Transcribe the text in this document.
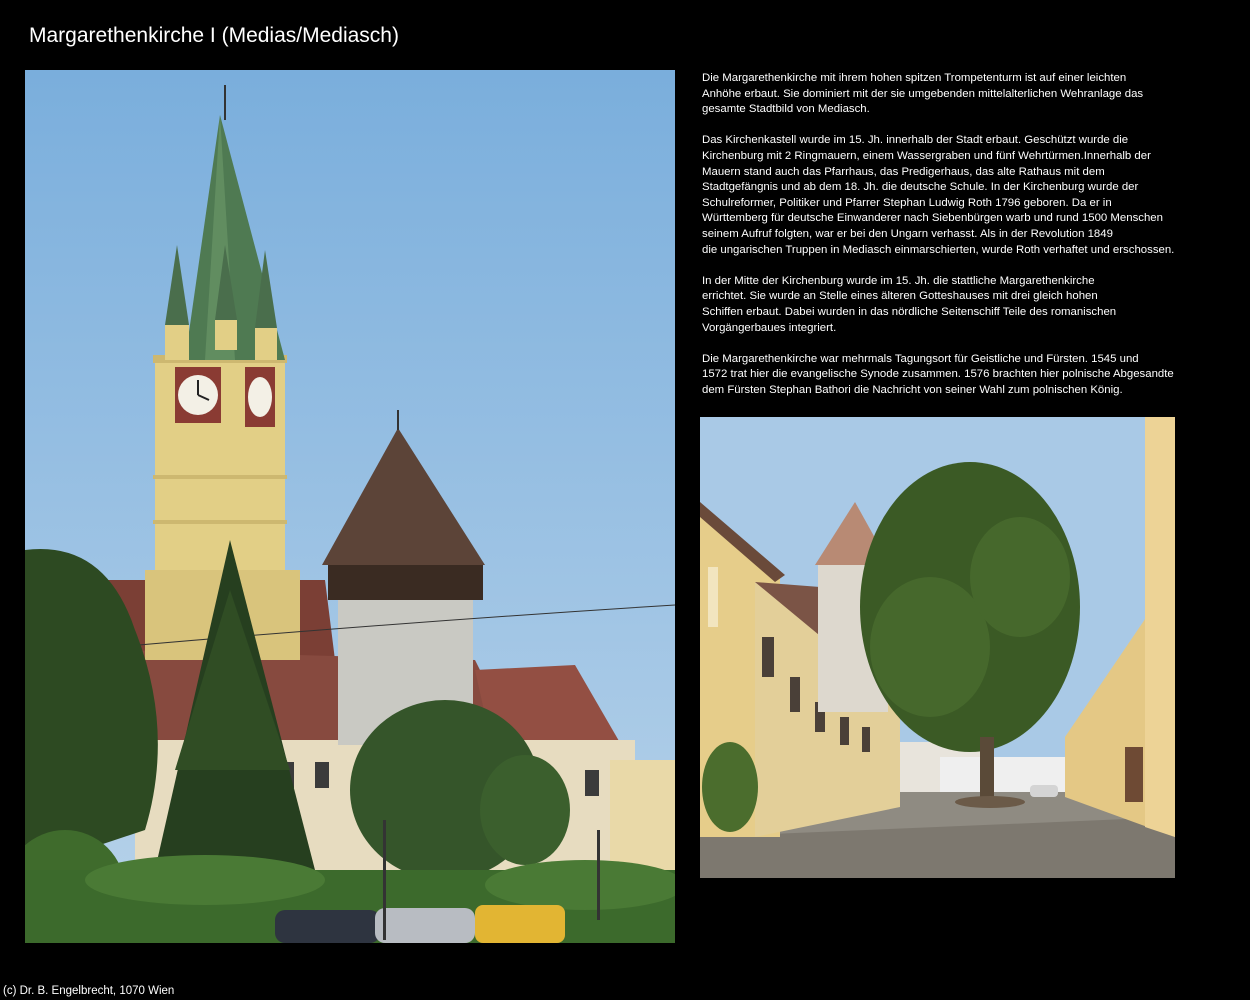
Margarethenkirche I (Medias/Mediasch)

Die Margarethenkirche mit ihrem hohen spitzen Trompetenturm ist auf einer leichten
Anhöhe erbaut. Sie dominiert mit der sie umgebenden mittelalterlichen Wehranlage das
gesamte Stadtbild von Mediasch.

Das Kirchenkastell wurde im 15. Jh. innerhalb der Stadt erbaut. Geschützt wurde die
Kirchenburg mit 2 Ringmauern, einem Wassergraben und fünf Wehrtürmen.Innerhalb der
Mauern stand auch das Pfarrhaus, das Predigerhaus, das alte Rathaus mit dem
Stadtgefängnis und ab dem 18. Jh. die deutsche Schule. In der Kirchenburg wurde der
Schulreformer, Politiker und Pfarrer Stephan Ludwig Roth 1796 geboren. Da er in
Württemberg für deutsche Einwanderer nach Siebenbürgen warb und rund 1500 Menschen
seinem Aufruf folgten, war er bei den Ungarn verhasst. Als in der Revolution 1849
die ungarischen Truppen in Mediasch einmarschierten, wurde Roth verhaftet und erschossen.

In der Mitte der Kirchenburg wurde im 15. Jh. die stattliche Margarethenkirche
errichtet. Sie wurde an Stelle eines älteren Gotteshauses mit drei gleich hohen
Schiffen erbaut. Dabei wurden in das nördliche Seitenschiff Teile des romanischen
Vorgängerbaues integriert.

Die Margarethenkirche war mehrmals Tagungsort für Geistliche und Fürsten. 1545 und
1572 trat hier die evangelische Synode zusammen. 1576 brachten hier polnische Abgesandte
dem Fürsten Stephan Bathori die Nachricht von seiner Wahl zum polnischen König.

(c) Dr. B. Engelbrecht, 1070 Wien
